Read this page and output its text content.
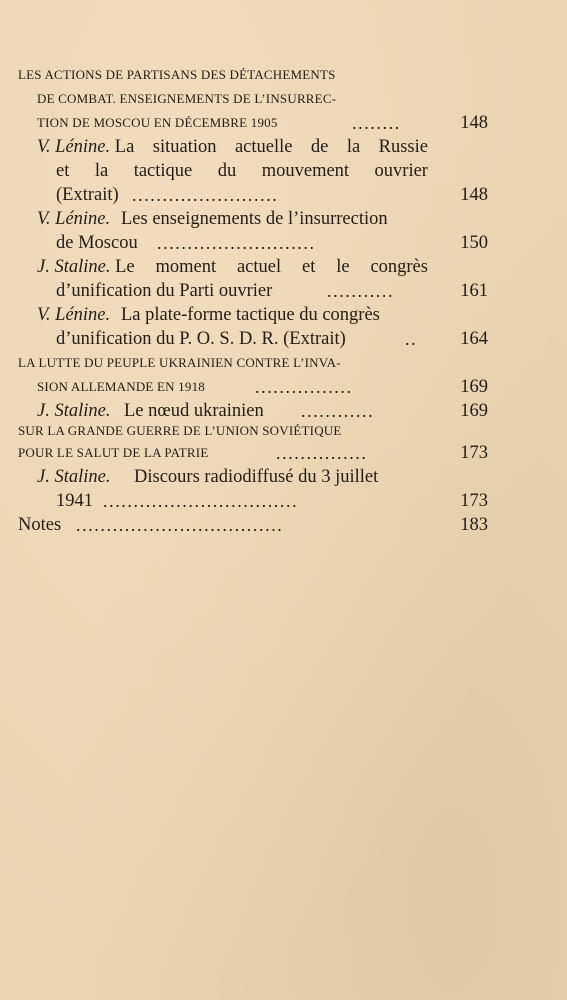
LES ACTIONS DE PARTISANS DES DÉTACHEMENTS
DE COMBAT. ENSEIGNEMENTS DE L’INSURREC-
TION DE MOSCOU EN DÉCEMBRE 1905	........	148
V. Lénine. La situation actuelle de la Russie
et la tactique du mouvement ouvrier
(Extrait) ........................	148
V. Lénine. Les enseignements de l’insurrection
de Moscou ..........................	150
J. Staline. Le moment actuel et le congrès
d’unification du Parti ouvrier	...........	161
V. Lénine. La plate-forme tactique du congrès
d’unification du P. O. S. D. R. (Extrait)	..	164
LA LUTTE DU PEUPLE UKRAINIEN CONTRE L’INVA-
SION ALLEMANDE EN 1918	................	169
J. Staline. Le nœud ukrainien ............	169
SUR LA GRANDE GUERRE DE L’UNION SOVIÉTIQUE
POUR LE SALUT DE LA PATRIE	...............	173
J. Staline. Discours radiodiffusé du 3 juillet
1941 ................................	173
Notes ..................................	183
